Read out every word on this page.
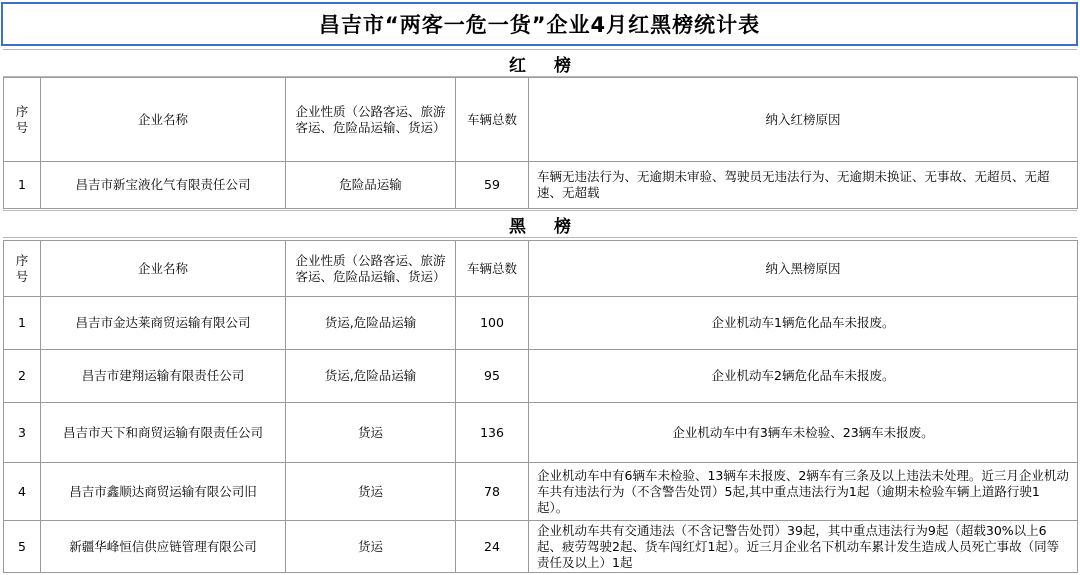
昌吉市“两客一危一货”企业4月红黑榜统计表
红榜
序号	企业名称	企业性质（公路客运、旅游客运、危险品运输、货运）	车辆总数	纳入红榜原因
1	昌吉市新宝液化气有限责任公司	危险品运输	59	车辆无违法行为、无逾期未审验、驾驶员无违法行为、无逾期未换证、无事故、无超员、无超速、无超载
黑榜
序号	企业名称	企业性质（公路客运、旅游客运、危险品运输、货运）	车辆总数	纳入黑榜原因
1	昌吉市金达莱商贸运输有限公司	货运,危险品运输	100	企业机动车1辆危化品车未报废。
2	昌吉市建翔运输有限责任公司	货运,危险品运输	95	企业机动车2辆危化品车未报废。
3	昌吉市天下和商贸运输有限责任公司	货运	136	企业机动车中有3辆车未检验、23辆车未报废。
4	昌吉市鑫顺达商贸运输有限公司旧	货运	78	企业机动车中有6辆车未检验、13辆车未报废、2辆车有三条及以上违法未处理。近三月企业机动车共有违法行为（不含警告处罚）5起,其中重点违法行为1起（逾期未检验车辆上道路行驶1起）。
5	新疆华峰恒信供应链管理有限公司	货运	24	企业机动车共有交通违法（不含记警告处罚）39起，其中重点违法行为9起（超载30%以上6起、疲劳驾驶2起、货车闯红灯1起）。近三月企业名下机动车累计发生造成人员死亡事故（同等责任及以上）1起
